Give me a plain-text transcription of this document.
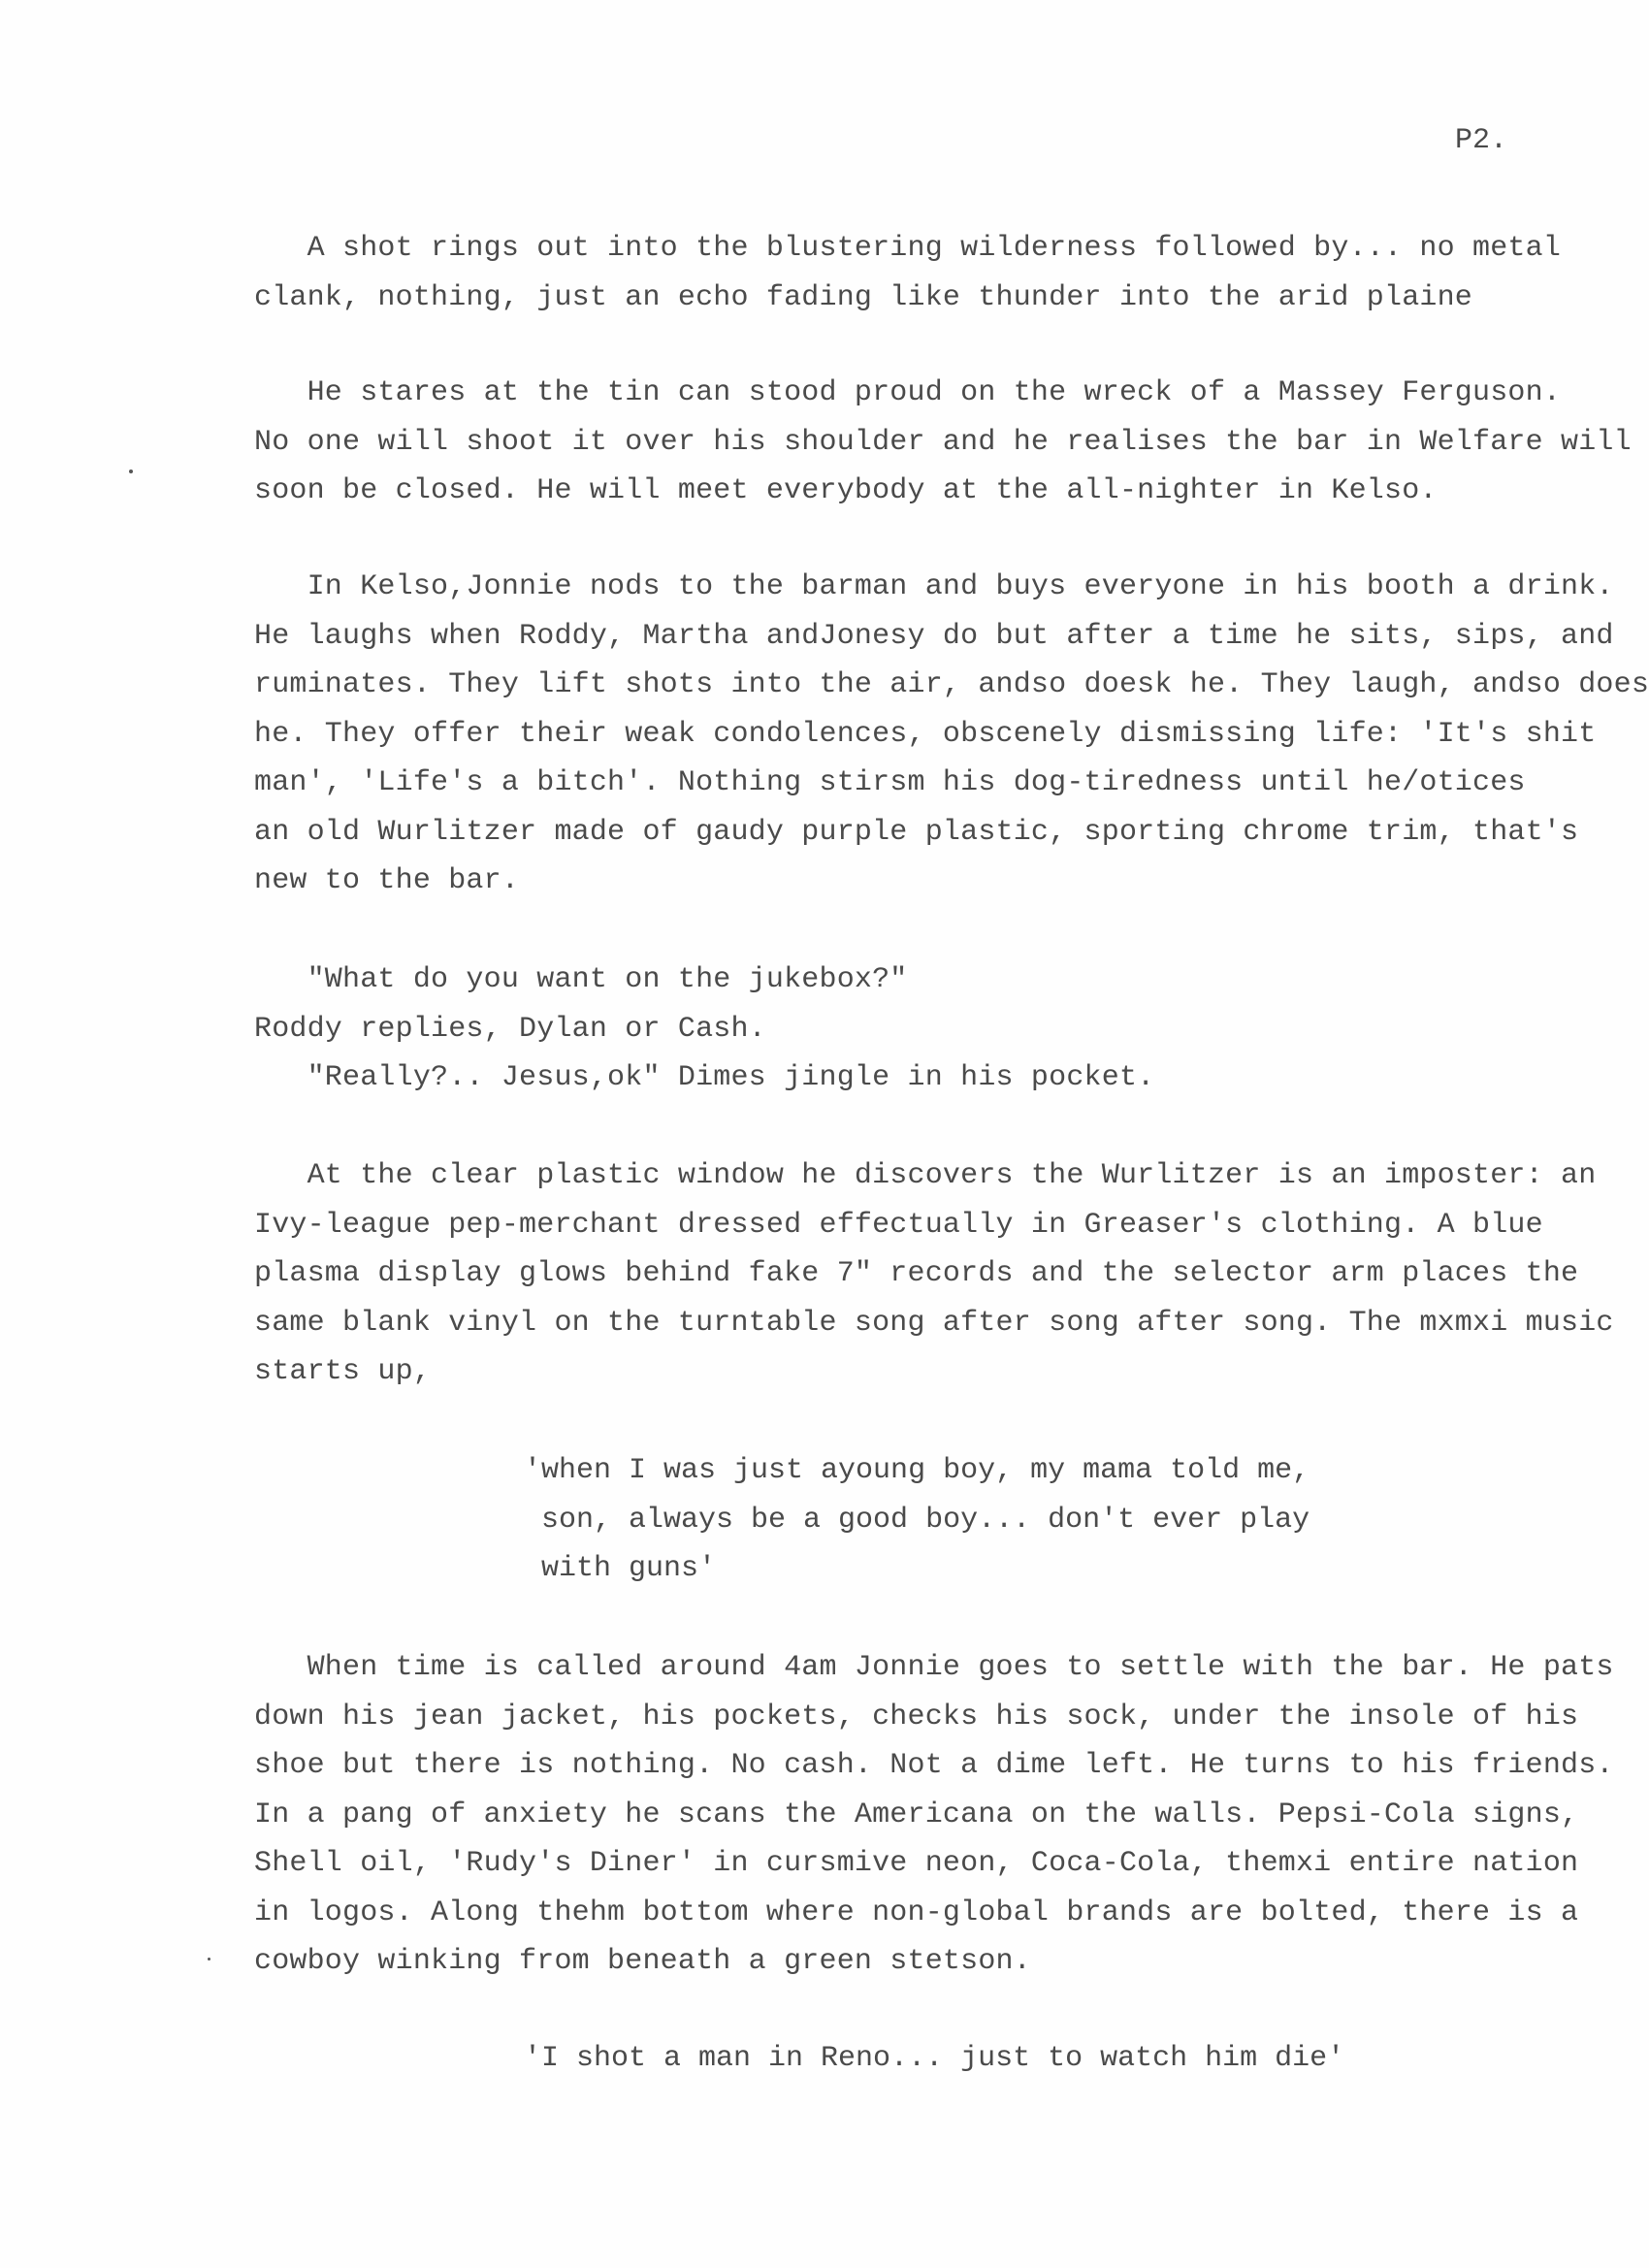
P2.
A shot rings out into the blustering wilderness followed by... no metal
clank, nothing, just an echo fading like thunder into the arid plaine
He stares at the tin can stood proud on the wreck of a Massey Ferguson.
No one will shoot it over his shoulder and he realises the bar in Welfare will
soon be closed. He will meet everybody at the all-nighter in Kelso.
In Kelso,Jonnie nods to the barman and buys everyone in his booth a drink.
He laughs when Roddy, Martha andJonesy do but after a time he sits, sips, and
ruminates. They lift shots into the air, andso doesk he. They laugh, andso does
he. They offer their weak condolences, obscenely dismissing life: 'It's shit
man', 'Life's a bitch'. Nothing stirsm his dog-tiredness until he/otices
an old Wurlitzer made of gaudy purple plastic, sporting chrome trim, that's
new to the bar.
"What do you want on the jukebox?"
Roddy replies, Dylan or Cash.
"Really?.. Jesus,ok" Dimes jingle in his pocket.
At the clear plastic window he discovers the Wurlitzer is an imposter: an
Ivy-league pep-merchant dressed effectually in Greaser's clothing. A blue
plasma display glows behind fake 7" records and the selector arm places the
same blank vinyl on the turntable song after song after song. The mxmxi music
starts up,
'when I was just ayoung boy, my mama told me,
son, always be a good boy... don't ever play
with guns'
When time is called around 4am Jonnie goes to settle with the bar. He pats
down his jean jacket, his pockets, checks his sock, under the insole of his
shoe but there is nothing. No cash. Not a dime left. He turns to his friends.
In a pang of anxiety he scans the Americana on the walls. Pepsi-Cola signs,
Shell oil, 'Rudy's Diner' in cursmive neon, Coca-Cola, themxi entire nation
in logos. Along thehm bottom where non-global brands are bolted, there is a
cowboy winking from beneath a green stetson.
'I shot a man in Reno... just to watch him die'
